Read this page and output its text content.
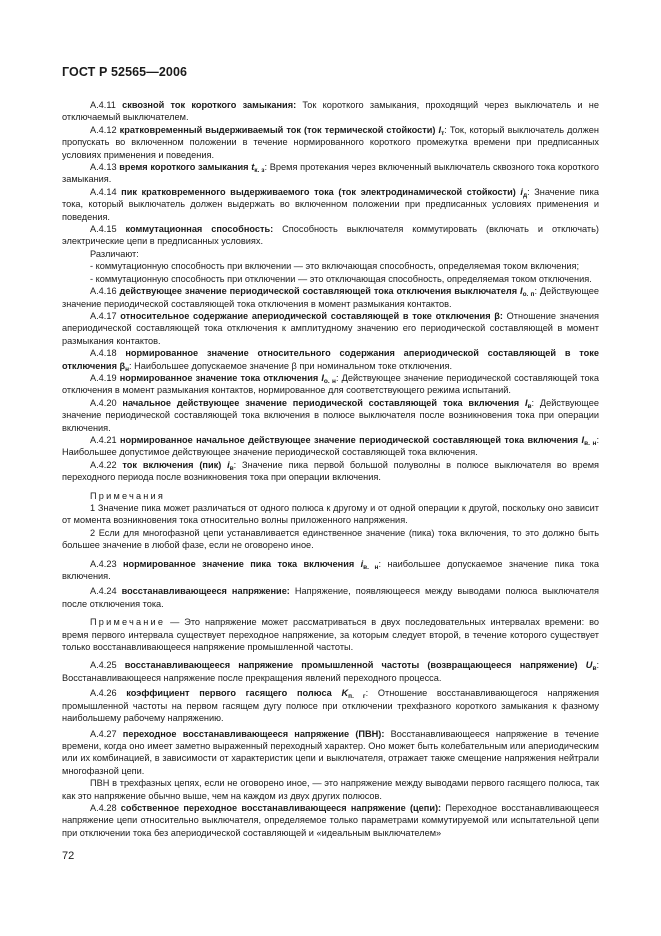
ГОСТ Р 52565—2006

А.4.11 сквозной ток короткого замыкания: Ток короткого замыкания, проходящий через выключатель и не отключаемый выключателем.

А.4.12 кратковременный выдерживаемый ток (ток термической стойкости) $I_т$: Ток, который выключатель должен пропускать во включенном положении в течение нормированного короткого промежутка времени при предписанных условиях применения и поведения.

А.4.13 время короткого замыкания $t_{к. з}$: Время протекания через включенный выключатель сквозного тока короткого замыкания.

А.4.14 пик кратковременного выдерживаемого тока (ток электродинамической стойкости) $i_д$: Значение пика тока, который выключатель должен выдержать во включенном положении при предписанных условиях применения и поведения.

А.4.15 коммутационная способность: Способность выключателя коммутировать (включать и отключать) электрические цепи в предписанных условиях.

Различают:

- коммутационную способность при включении — это включающая способность, определяемая током включения;

- коммутационную способность при отключении — это отключающая способность, определяемая током отключения.

А.4.16 действующее значение периодической составляющей тока отключения выключателя $I_{о. п}$: Действующее значение периодической составляющей тока отключения в момент размыкания контактов.

А.4.17 относительное содержание апериодической составляющей в токе отключения β: Отношение значения апериодической составляющей тока отключения к амплитудному значению его периодической составляющей в момент размыкания контактов.

А.4.18 нормированное значение относительного содержания апериодической составляющей в токе отключения $\beta_н$: Наибольшее допускаемое значение β при номинальном токе отключения.

А.4.19 нормированное значение тока отключения $I_{о. н}$: Действующее значение периодической составляющей тока отключения в момент размыкания контактов, нормированное для соответствующего режима испытаний.

А.4.20 начальное действующее значение периодической составляющей тока включения $I_в$: Действующее значение периодической составляющей тока включения в полюсе выключателя после возникновения тока при операции включения.

А.4.21 нормированное начальное действующее значение периодической составляющей тока включения $I_{в. н}$: Наибольшее допустимое действующее значение периодической составляющей тока включения.

А.4.22 ток включения (пик) $i_в$: Значение пика первой большой полуволны в полюсе выключателя во время переходного периода после возникновения тока при операции включения.

Примечания

1 Значение пика может различаться от одного полюса к другому и от одной операции к другой, поскольку оно зависит от момента возникновения тока относительно волны приложенного напряжения.

2 Если для многофазной цепи устанавливается единственное значение (пика) тока включения, то это должно быть большее значение в любой фазе, если не оговорено иное.

А.4.23 нормированное значение пика тока включения $i_{в. н}$: наибольшее допускаемое значение пика тока включения.

А.4.24 восстанавливающееся напряжение: Напряжение, появляющееся между выводами полюса выключателя после отключения тока.

Примечание — Это напряжение может рассматриваться в двух последовательных интервалах времени: во время первого интервала существует переходное напряжение, за которым следует второй, в течение которого существует только восстанавливающееся напряжение промышленной частоты.

А.4.25 восстанавливающееся напряжение промышленной частоты (возвращающееся напряжение) $U_в$: Восстанавливающееся напряжение после прекращения явлений переходного процесса.

А.4.26 коэффициент первого гасящего полюса $K_{п. г}$: Отношение восстанавливающегося напряжения промышленной частоты на первом гасящем дугу полюсе при отключении трехфазного короткого замыкания к фазному наибольшему рабочему напряжению.

А.4.27 переходное восстанавливающееся напряжение (ПВН): Восстанавливающееся напряжение в течение времени, когда оно имеет заметно выраженный переходный характер. Оно может быть колебательным или апериодическим или их комбинацией, в зависимости от характеристик цепи и выключателя, отражает также смещение напряжения нейтрали многофазной цепи.

ПВН в трехфазных цепях, если не оговорено иное, — это напряжение между выводами первого гасящего полюса, так как это напряжение обычно выше, чем на каждом из двух других полюсов.

А.4.28 собственное переходное восстанавливающееся напряжение (цепи): Переходное восстанавливающееся напряжение цепи относительно выключателя, определяемое только параметрами коммутируемой или испытательной цепи при отключении тока без апериодической составляющей и «идеальным выключателем»

72
